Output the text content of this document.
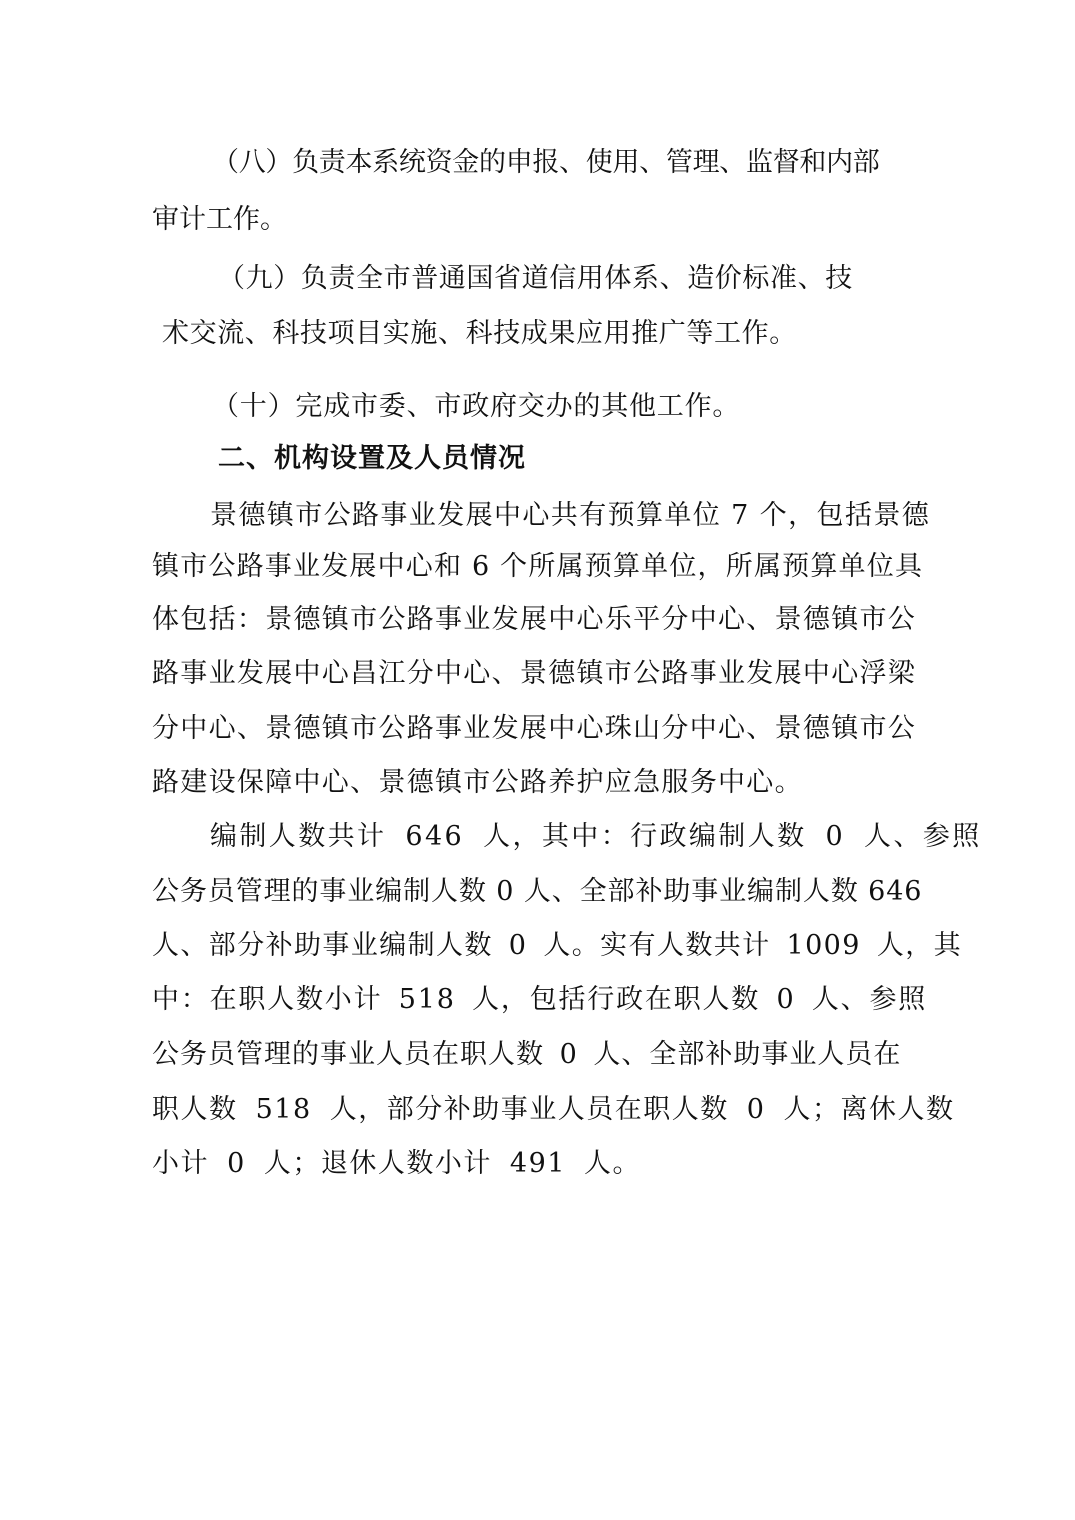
（八）负责本系统资金的申报、使用、管理、监督和内部
审计工作。
（九）负责全市普通国省道信用体系、造价标准、技
术交流、科技项目实施、科技成果应用推广等工作。
（十）完成市委、市政府交办的其他工作。
二、机构设置及人员情况
景德镇市公路事业发展中心共有预算单位 7 个，包括景德
镇市公路事业发展中心和 6 个所属预算单位，所属预算单位具
体包括：景德镇市公路事业发展中心乐平分中心、景德镇市公
路事业发展中心昌江分中心、景德镇市公路事业发展中心浮梁
分中心、景德镇市公路事业发展中心珠山分中心、景德镇市公
路建设保障中心、景德镇市公路养护应急服务中心。
编制人数共计 646 人，其中：行政编制人数 0 人、参照
公务员管理的事业编制人数 0 人、全部补助事业编制人数 646
人、部分补助事业编制人数 0 人。实有人数共计 1009 人，其
中：在职人数小计 518 人，包括行政在职人数 0 人、参照
公务员管理的事业人员在职人数 0 人、全部补助事业人员在
职人数 518 人，部分补助事业人员在职人数 0 人；离休人数
小计 0 人；退休人数小计 491 人。
